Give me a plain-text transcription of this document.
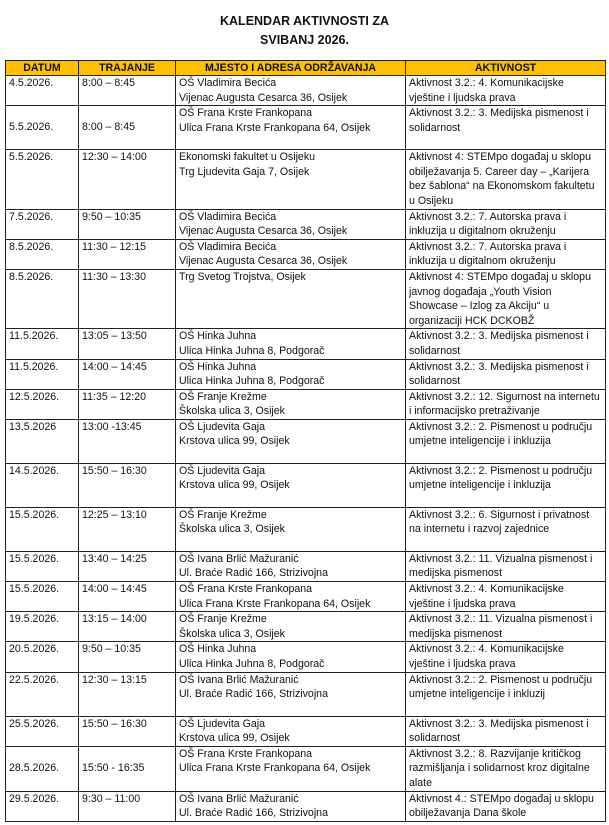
KALENDAR AKTIVNOSTI ZA
SVIBANJ 2026.
DATUM	TRAJANJE	MJESTO I ADRESA ODRŽAVANJA	AKTIVNOST

4.5.2026.	8:00 – 8:45	OŠ Vladimira Becića
Vijenac Augusta Cesarca 36, Osijek	Aktivnost 3.2.: 4. Komunikacijske vještine i ljudska prava

5.5.2026.	8:00 – 8:45	OŠ Frana Krste Frankopana
Ulica Frana Krste Frankopana 64, Osijek	Aktivnost 3.2.: 3. Medijska pismenost i solidarnost

5.5.2026.	12:30 – 14:00	Ekonomski fakultet u Osijeku
Trg Ljudevita Gaja 7, Osijek	Aktivnost 4: STEMpo događaj u sklopu obilježavanja 5. Career day – „Karijera bez šablona“ na Ekonomskom fakultetu u Osijeku

7.5.2026.	9:50 – 10:35	OŠ Vladimira Becića
Vijenac Augusta Cesarca 36, Osijek	Aktivnost 3.2.: 7. Autorska prava i inkluzija u digitalnom okruženju

8.5.2026.	11:30 – 12:15	OŠ Vladimira Becića
Vijenac Augusta Cesarca 36, Osijek	Aktivnost 3.2.: 7. Autorska prava i inkluzija u digitalnom okruženju

8.5.2026.	11:30 – 13:30	Trg Svetog Trojstva, Osijek	Aktivnost 4: STEMpo događaj u sklopu javnog događaja „Youth Vision Showcase – Izlog za Akciju“ u organizaciji HCK DCKOBŽ

11.5.2026.	13:05 – 13:50	OŠ Hinka Juhna
Ulica Hinka Juhna 8, Podgorač	Aktivnost 3.2.: 3. Medijska pismenost i solidarnost

11.5.2026.	14:00 – 14:45	OŠ Hinka Juhna
Ulica Hinka Juhna 8, Podgorač	Aktivnost 3.2.: 3. Medijska pismenost i solidarnost

12.5.2026.	11:35 – 12:20	OŠ Franje Krežme
Školska ulica 3, Osijek	Aktivnost 3.2.: 12. Sigurnost na internetu i informacijsko pretraživanje

13.5.2026	13:00 -13:45	OŠ Ljudevita Gaja
Krstova ulica 99, Osijek	Aktivnost 3.2.: 2. Pismenost u području umjetne inteligencije i inkluzija

14.5.2026.	15:50 – 16:30	OŠ Ljudevita Gaja
Krstova ulica 99, Osijek	Aktivnost 3.2.: 2. Pismenost u području umjetne inteligencije i inkluzija

15.5.2026.	12:25 – 13:10	OŠ Franje Krežme
Školska ulica 3, Osijek	Aktivnost 3.2.: 6. Sigurnost i privatnost na internetu i razvoj zajednice

15.5.2026.	13:40 – 14:25	OŠ Ivana Brlić Mažuranić
Ul. Braće Radić 166, Strizivojna	Aktivnost 3.2.: 11. Vizualna pismenost i medijska pismenost

15.5.2026.	14:00 – 14:45	OŠ Frana Krste Frankopana
Ulica Frana Krste Frankopana 64, Osijek	Aktivnost 3.2.: 4. Komunikacijske vještine i ljudska prava

19.5.2026.	13:15 – 14:00	OŠ Franje Krežme
Školska ulica 3, Osijek	Aktivnost 3.2.: 11. Vizualna pismenost i medijska pismenost

20.5.2026.	9:50 – 10:35	OŠ Hinka Juhna
Ulica Hinka Juhna 8, Podgorač	Aktivnost 3.2.: 4. Komunikacijske vještine i ljudska prava

22.5.2026.	12:30 – 13:15	OŠ Ivana Brlić Mažuranić
Ul. Braće Radić 166, Strizivojna	Aktivnost 3.2.: 2. Pismenost u području umjetne inteligencije i inkluzij

25.5.2026.	15:50 – 16:30	OŠ Ljudevita Gaja
Krstova ulica 99, Osijek	Aktivnost 3.2.: 3. Medijska pismenost i solidarnost

28.5.2026.	15:50 - 16:35	OŠ Frana Krste Frankopana
Ulica Frana Krste Frankopana 64, Osijek	Aktivnost 3.2.: 8. Razvijanje kritičkog razmišljanja i solidarnost kroz digitalne alate

29.5.2026.	9:30 – 11:00	OŠ Ivana Brlić Mažuranić
Ul. Braće Radić 166, Strizivojna	Aktivnost 4.: STEMpo događaj u sklopu obilježavanja Dana škole
